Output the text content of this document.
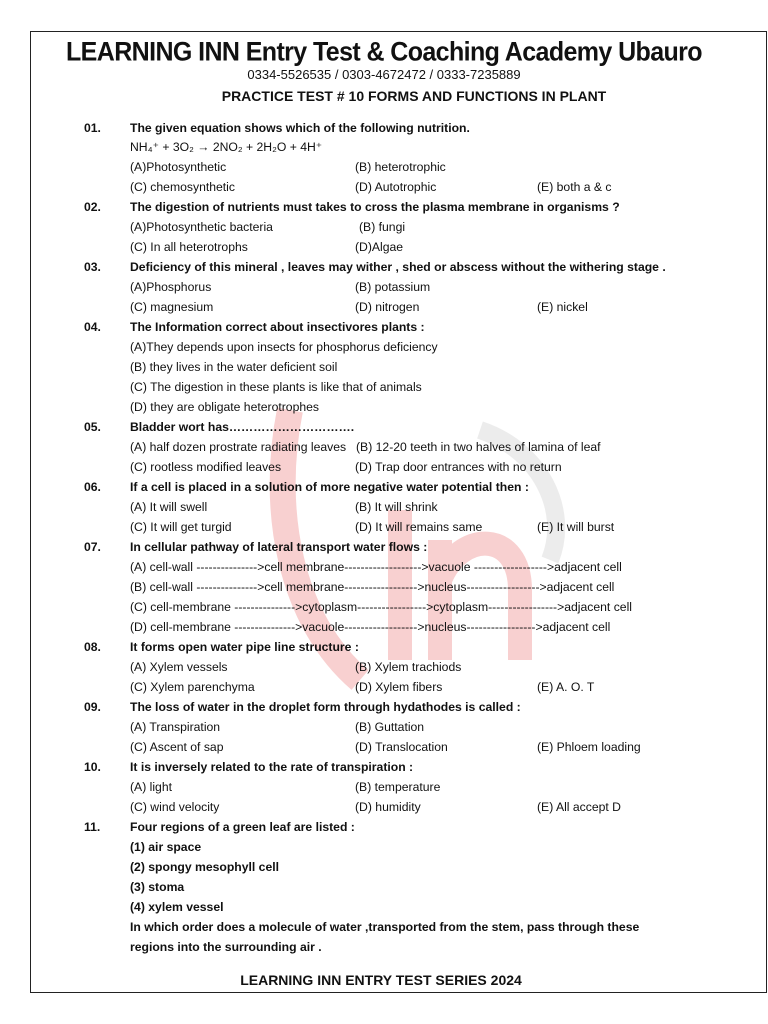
LEARNING INN Entry Test & Coaching Academy Ubauro
0334-5526535 / 0303-4672472 / 0333-7235889
PRACTICE TEST # 10 FORMS AND FUNCTIONS IN PLANT
01. The given equation shows which of the following nutrition.
NH₄⁺ + 3O₂ → 2NO₂ + 2H₂O + 4H⁺
(A)Photosynthetic	(B) heterotrophic
(C) chemosynthetic	(D) Autotrophic	(E) both a & c
02. The digestion of nutrients must takes to cross the plasma membrane in organisms ?
(A)Photosynthetic bacteria	(B) fungi
(C) In all heterotrophs	(D)Algae
03. Deficiency of this mineral , leaves may wither , shed or abscess without the withering stage .
(A)Phosphorus	(B) potassium
(C) magnesium	(D) nitrogen	(E) nickel
04. The Information correct about insectivores plants :
(A)They depends upon insects for phosphorus deficiency
(B) they lives in the water deficient soil
(C) The digestion in these plants is like that of animals
(D) they are obligate heterotrophes
05. Bladder wort has………………………….
(A) half dozen prostrate radiating leaves (B) 12-20 teeth in two halves of lamina of leaf
(C) rootless modified leaves	(D) Trap door entrances with no return
06. If a cell is placed in a solution of more negative water potential then :
(A) It will swell	(B) It will shrink
(C) It will get turgid	(D) It will remains same	(E) It will burst
07. In cellular pathway of lateral transport water flows :
(A) cell-wall --------------->cell membrane------------------->vacuole ------------------>adjacent cell
(B) cell-wall --------------->cell membrane------------------>nucleus------------------>adjacent cell
(C) cell-membrane --------------->cytoplasm----------------->cytoplasm----------------->adjacent cell
(D) cell-membrane --------------->vacuole------------------>nucleus----------------->adjacent cell
08. It forms open water pipe line structure :
(A) Xylem vessels	(B) Xylem trachiods
(C) Xylem parenchyma	(D) Xylem fibers	(E) A. O. T
09. The loss of water in the droplet form through hydathodes is called :
(A) Transpiration	(B) Guttation
(C) Ascent of sap	(D) Translocation	(E) Phloem loading
10. It is inversely related to the rate of transpiration :
(A) light	(B) temperature
(C) wind velocity	(D) humidity	(E) All accept D
11. Four regions of a green leaf are listed :
(1) air space
(2) spongy mesophyll cell
(3) stoma
(4) xylem vessel
In which order does a molecule of water ,transported from the stem, pass through these
regions into the surrounding air .
LEARNING INN ENTRY TEST SERIES 2024
